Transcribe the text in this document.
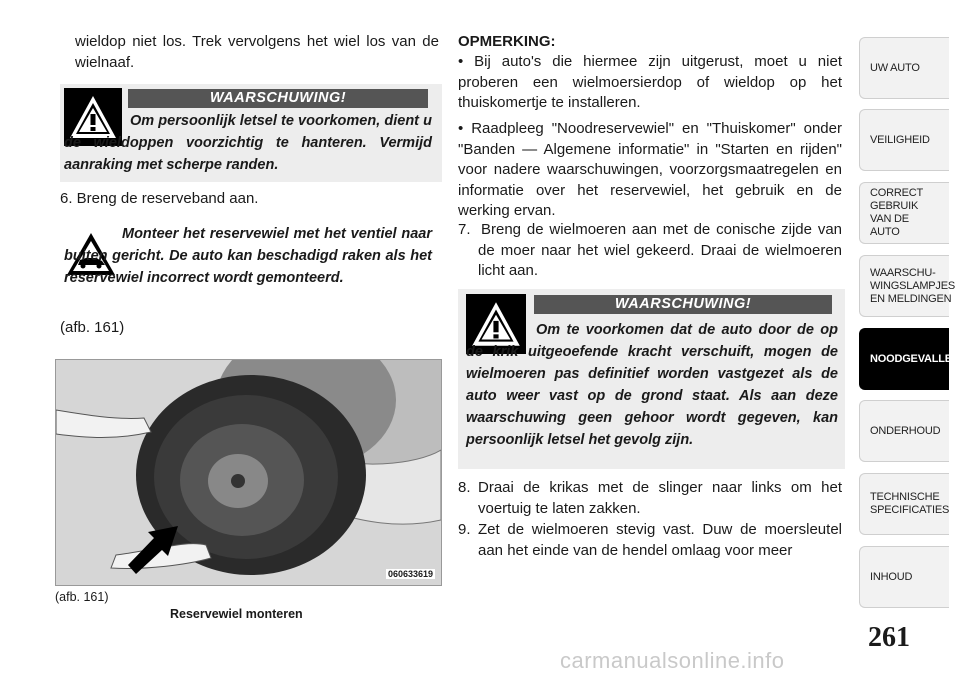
wieldop niet los. Trek vervolgens het wiel los van de wielnaaf.
WAARSCHUWING!
Om persoonlijk letsel te voorkomen, dient u de wieldoppen voorzichtig te hanteren. Vermijd aanraking met scherpe randen.
6. Breng de reserveband aan.
Monteer het reservewiel met het ventiel naar buiten gericht. De auto kan beschadigd raken als het reservewiel incorrect wordt gemonteerd.
(afb. 161)
060633619
(afb. 161)
Reservewiel monteren
OPMERKING:
• Bij auto's die hiermee zijn uitgerust, moet u niet proberen een wielmoersierdop of wieldop op het thuiskomertje te installeren.
• Raadpleeg "Noodreservewiel" en "Thuiskomer" onder "Banden — Algemene informatie" in "Starten en rijden" voor nadere waarschuwingen, voorzorgsmaatregelen en informatie over het reservewiel, het gebruik en de werking ervan.
7. Breng de wielmoeren aan met de conische zijde van de moer naar het wiel gekeerd. Draai de wielmoeren licht aan.
WAARSCHUWING!
Om te voorkomen dat de auto door de op de krik uitgeoefende kracht verschuift, mogen de wielmoeren pas definitief worden vastgezet als de auto weer vast op de grond staat. Als aan deze waarschuwing geen gehoor wordt gegeven, kan persoonlijk letsel het gevolg zijn.
8. Draai de krikas met de slinger naar links om het voertuig te laten zakken.
9. Zet de wielmoeren stevig vast. Duw de moersleutel aan het einde van de hendel omlaag voor meer
UW AUTO
VEILIGHEID
CORRECT GEBRUIK VAN DE AUTO
WAARSCHU-WINGSLAMPJES EN MELDINGEN
NOODGEVALLEN
ONDERHOUD
TECHNISCHE SPECIFICATIES
INHOUD
261
carmanualsonline.info
